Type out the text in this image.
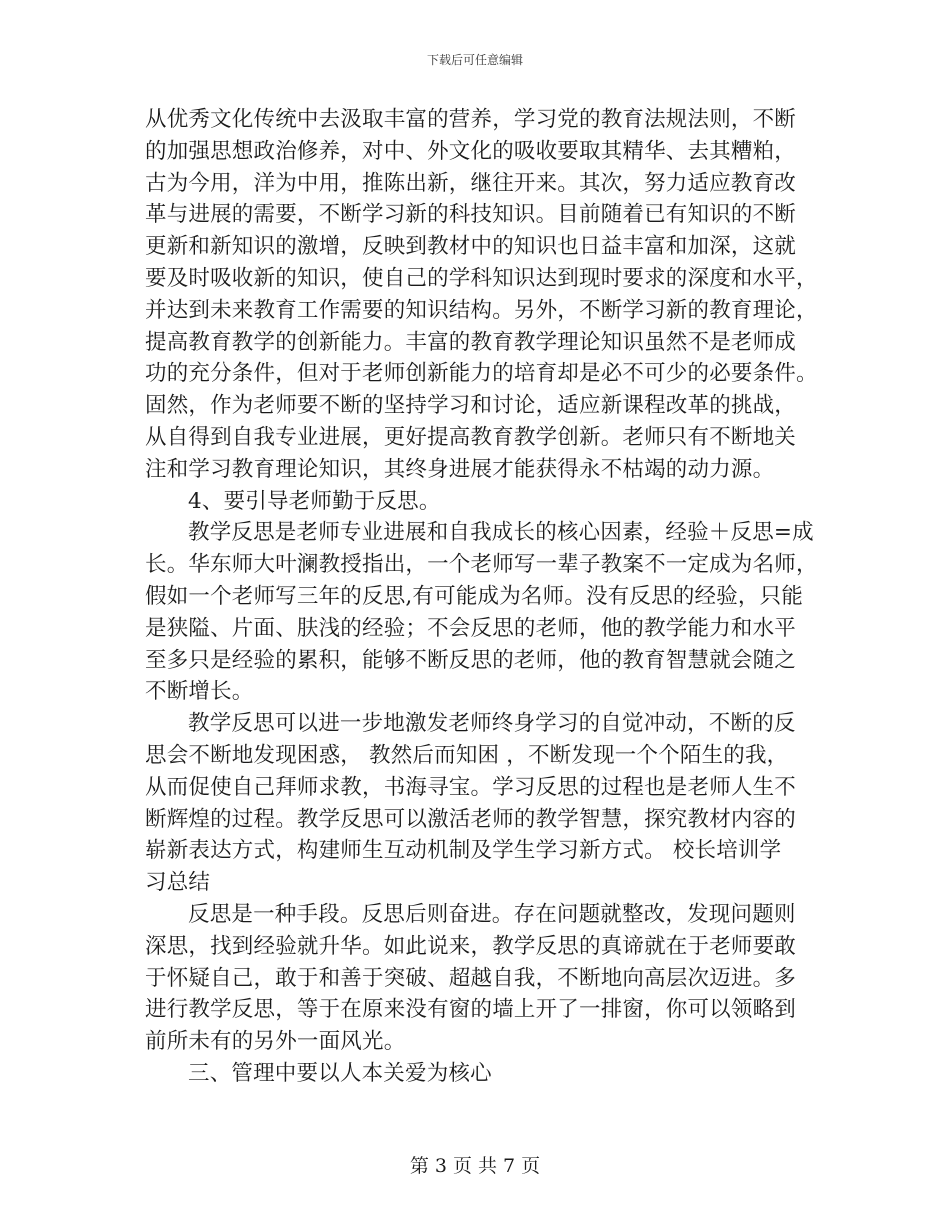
下载后可任意编辑
从优秀文化传统中去汲取丰富的营养，学习党的教育法规法则，不断
的加强思想政治修养，对中、外文化的吸收要取其精华、去其糟粕，
古为今用，洋为中用，推陈出新，继往开来。其次，努力适应教育改
革与进展的需要，不断学习新的科技知识。目前随着已有知识的不断
更新和新知识的激增，反映到教材中的知识也日益丰富和加深，这就
要及时吸收新的知识，使自己的学科知识达到现时要求的深度和水平，
并达到未来教育工作需要的知识结构。另外，不断学习新的教育理论，
提高教育教学的创新能力。丰富的教育教学理论知识虽然不是老师成
功的充分条件，但对于老师创新能力的培育却是必不可少的必要条件。
固然，作为老师要不断的坚持学习和讨论，适应新课程改革的挑战，
从自得到自我专业进展，更好提高教育教学创新。老师只有不断地关
注和学习教育理论知识，其终身进展才能获得永不枯竭的动力源。
4、要引导老师勤于反思。
教学反思是老师专业进展和自我成长的核心因素，经验＋反思=成
长。华东师大叶澜教授指出，一个老师写一辈子教案不一定成为名师，
假如一个老师写三年的反思,有可能成为名师。没有反思的经验，只能
是狭隘、片面、肤浅的经验；不会反思的老师，他的教学能力和水平
至多只是经验的累积，能够不断反思的老师，他的教育智慧就会随之
不断增长。
教学反思可以进一步地激发老师终身学习的自觉冲动，不断的反
思会不断地发现困惑， 教然后而知困 ，不断发现一个个陌生的我，
从而促使自己拜师求教，书海寻宝。学习反思的过程也是老师人生不
断辉煌的过程。教学反思可以激活老师的教学智慧，探究教材内容的
崭新表达方式，构建师生互动机制及学生学习新方式。 校长培训学
习总结
反思是一种手段。反思后则奋进。存在问题就整改，发现问题则
深思，找到经验就升华。如此说来，教学反思的真谛就在于老师要敢
于怀疑自己，敢于和善于突破、超越自我，不断地向高层次迈进。多
进行教学反思，等于在原来没有窗的墙上开了一排窗，你可以领略到
前所未有的另外一面风光。
三、管理中要以人本关爱为核心
第 3 页 共 7 页
